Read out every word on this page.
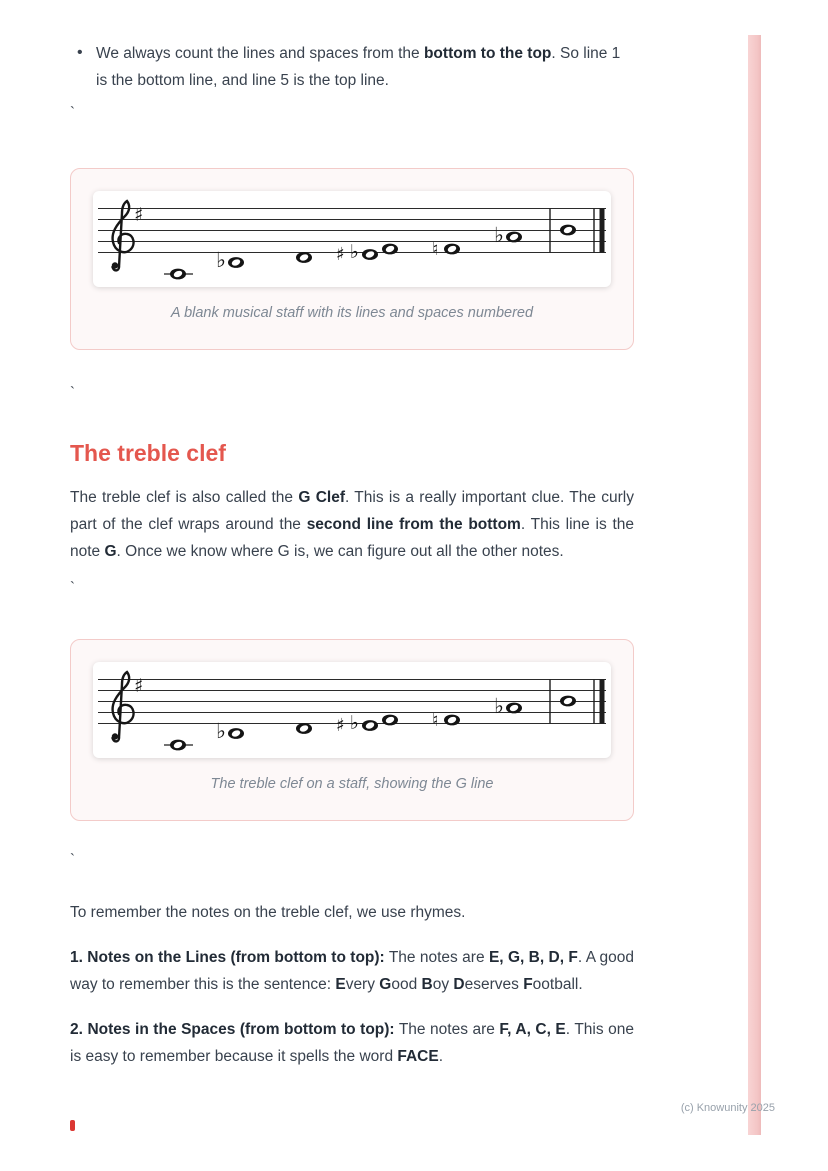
• We always count the lines and spaces from the bottom to the top. So line 1 is the bottom line, and line 5 is the top line.
`
A blank musical staff with its lines and spaces numbered
`
The treble clef

The treble clef is also called the G Clef. This is a really important clue. The curly part of the clef wraps around the second line from the bottom. This line is the note G. Once we know where G is, we can figure out all the other notes.

`
The treble clef on a staff, showing the G line
`

To remember the notes on the treble clef, we use rhymes.

1. Notes on the Lines (from bottom to top): The notes are E, G, B, D, F. A good way to remember this is the sentence: Every Good Boy Deserves Football.

2. Notes in the Spaces (from bottom to top): The notes are F, A, C, E. This one is easy to remember because it spells the word FACE.

(c) Knowunity 2025
